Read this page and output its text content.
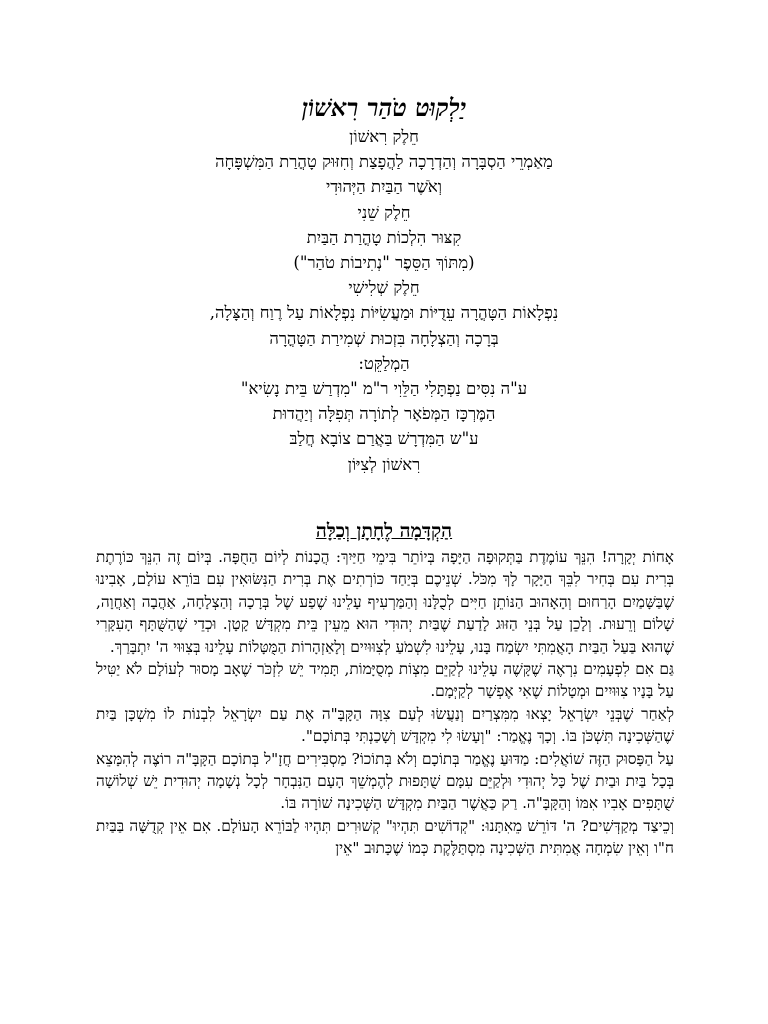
יַלְקוּט טֹהַר רִאשׁוֹן

חֵלֶק רִאשׁוֹן

מַאַמְרֵי הַסְבָּרָה וְהַדְרָכָה לַהֲפָצַת וְחִזּוּק טָהֳרַת הַמִּשְׁפָּחָה

וְאֹשֶׁר הַבַּיִת הַיְּהוּדִי

חֵלֶק שֵׁנִי

קִצּוּר הִלְכוֹת טָהֳרַת הַבַּיִת

(מִתּוֹךְ הַסֵּפֶר "נְתִיבוֹת טֹהַר")

חֵלֶק שְׁלִישִׁי

נִפְלָאוֹת הַטָּהֳרָה עֵדֻיּוֹת וּמַעֲשִׂיּוֹת נִפְלָאוֹת עַל רֶוַח וְהַצָּלָה,

בְּרָכָה וְהַצְלָחָה בִּזְכוּת שְׁמִירַת הַטָּהֳרָה

הַמְלַקֵּט:

ע"ה נִסִּים נַפְתָּלִי הַלֵּוִי ר"מ "מִדְרַשׁ בֵּית נָשִׂיא"

הַמֶּרְכָּז הַמְּפֹאָר לְתוֹרָה תְּפִלָּה וְיַהֲדוּת

ע"ש הַמִּדְרָשׁ בַּאֲרַם צוֹבָא חֲלַבּ

רִאשׁוֹן לְצִיּוֹן

הַקְדָּמָה לֶחָתָן וְכַלָּה

אָחוֹת יְקָרָה! הִנֵּךְ עוֹמֶדֶת בַּתְּקוּפָה הַיָּפָה בְּיוֹתֵר בִּימֵי חַיַּיִךְ: הֲכָנוֹת לְיוֹם הַחֻפָּה. בְּיוֹם זֶה הִנֵּךְ כּוֹרֶתֶת בְּרִית עִם בְּחִיר לִבֵּךְ הַיָּקָר לָךְ מִכֹּל. שְׁנֵיכֶם בְּיַחַד כּוֹרְתִים אֶת בְּרִית הַנִּשּׂוּאִין עִם בּוֹרֵא עוֹלָם, אָבִינוּ שֶׁבַּשָּׁמַיִם הָרַחוּם וְהָאָהוּב הַנּוֹתֵן חַיִּים לְכֻלָּנוּ וְהַמַּרְעִיף עָלֵינוּ שֶׁפַע שֶׁל בְּרָכָה וְהַצְלָחָה, אַהֲבָה וְאַחֲוָה, שָׁלוֹם וְרֵעוּת. וְלָכֵן עַל בְּנֵי הַזּוּג לָדַעַת שֶׁבַּיִת יְהוּדִי הוּא מֵעֵין בֵּית מִקְדָּשׁ קָטָן. וּכְדֵי שֶׁהַשֻּׁתָּף הָעִקָּרִי שֶׁהוּא בַּעַל הַבַּיִת הָאֲמִתִּי יִשְׂמַח בָּנוּ, עָלֵינוּ לִשְׁמֹעַ לְצִוּוּיִים וְלָאַזְהָרוֹת הַמֻּטָּלוֹת עָלֵינוּ בְּצִוּוּי ה' יִתְבָּרַךְ.

גַּם אִם לִפְעָמִים נִרְאֶה שֶׁקָּשֶׁה עָלֵינוּ לְקַיֵּם מִצְוֹת מְסֻיָּמוֹת, תָּמִיד יֵשׁ לִזְכֹּר שֶׁאָב מָסוּר לְעוֹלָם לֹא יַטִּיל עַל בָּנָיו צִוּוּיִים וּמְטָלוֹת שֶׁאִי אֶפְשָׁר לְקַיְּמָם.

לְאַחַר שֶׁבְּנֵי יִשְׂרָאֵל יָצְאוּ מִמִּצְרַיִם וְנַעֲשׂוּ לְעַם צִוָּה הַקָּבָּ"ה אֶת עַם יִשְׂרָאֵל לִבְנוֹת לוֹ מִשְׁכָּן בַּיִת שֶׁהַשְּׁכִינָה תִּשְׁכֹּן בּוֹ. וְכָךְ נֶאֱמַר: "וְעָשׂוּ לִי מִקְדָּשׁ וְשָׁכַנְתִּי בְּתוֹכָם".

עַל הַפָּסוּק הַזֶּה שׁוֹאֲלִים: מַדּוּעַ נֶאֱמַר בְּתוֹכָם וְלֹא בְּתוֹכוֹ? מַסְבִּירִים חֲזָ"ל בְּתוֹכָם הַקָּבָּ"ה רוֹצֶה לְהִמָּצֵא בְּכָל בַּיִת וּבַיִת שֶׁל כָּל יְהוּדִי וּלְקַיֵּם עִמָּם שֻׁתָּפוּת לְהֶמְשֵׁךְ הָעָם הַנִּבְחָר לְכָל נְשָׁמָה יְהוּדִית יֵשׁ שְׁלוֹשָׁה שֻׁתָּפִים אָבִיו אִמּוֹ וְהַקָּבָּ"ה. רַק כַּאֲשֶׁר הַבַּיִת מִקְדָּשׁ הַשְּׁכִינָה שׁוֹרָה בּוֹ.

וְכֵיצַד מְקַדְּשִׁים? ה' דּוֹרֵשׁ מֵאִתָּנוּ: "קְדוֹשִׁים תִּהְיוּ" קְשׁוּרִים תִּהְיוּ לַבּוֹרֵא הָעוֹלָם. אִם אֵין קְדֻשָּׁה בַּבַּיִת ח"ו וְאֵין שִׂמְחָה אֲמִתִּית הַשְּׁכִינָה מִסְתַּלֶּקֶת כְּמוֹ שֶׁכָּתוּב "אֵין
